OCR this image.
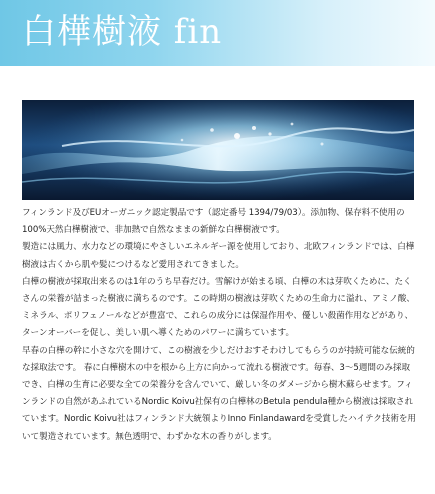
白樺樹液 fin

フィンランド及びEUオーガニック認定製品です（認定番号 1394/79/03）。添加物、保存料不使用の100%天然白樺樹液で、非加熱で自然なままの新鮮な白樺樹液です。

製造には風力、水力などの環境にやさしいエネルギー源を使用しており、北欧フィンランドでは、白樺樹液は古くから肌や髪につけるなど愛用されてきました。

白樺の樹液が採取出来るのは1年のうち早春だけ。雪解けが始まる頃、白樺の木は芽吹くために、たくさんの栄養が詰まった樹液に満ちるのです。この時期の樹液は芽吹くための生命力に溢れ、アミノ酸、ミネラル、ポリフェノールなどが豊富で、これらの成分には保湿作用や、優しい殺菌作用などがあり、ターンオーバーを促し、美しい肌へ導くためのパワーに満ちています。

早春の白樺の幹に小さな穴を開けて、この樹液を少しだけおすそわけしてもらうのが持続可能な伝統的な採取法です。 春に白樺樹木の中を根から上方に向かって流れる樹液です。毎春、3～5週間のみ採取でき、白樺の生育に必要な全ての栄養分を含んでいて、厳しい冬のダメージから樹木蘇らせます。フィンランドの自然があふれているNordic Koivu社保有の白樺林のBetula pendula種から樹液は採取されています。Nordic Koivu社はフィンランド大統領よりInno Finlandawardを受賞したハイテク技術を用いて製造されています。無色透明で、わずかな木の香りがします。
